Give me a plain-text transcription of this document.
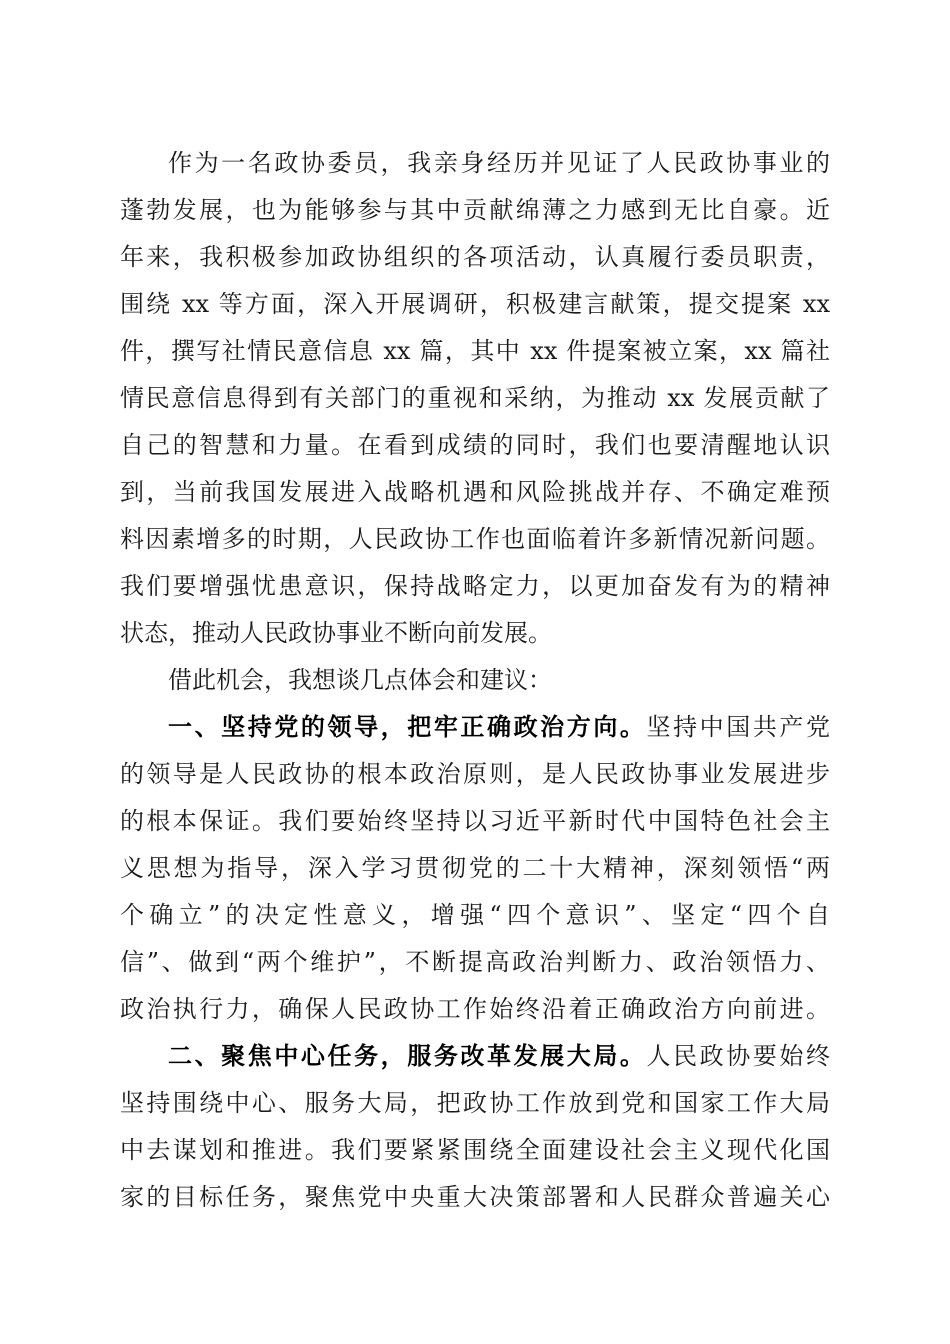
作为一名政协委员，我亲身经历并见证了人民政协事业的
蓬勃发展，也为能够参与其中贡献绵薄之力感到无比自豪。近
年来，我积极参加政协组织的各项活动，认真履行委员职责，
围绕 xx 等方面，深入开展调研，积极建言献策，提交提案 xx
件，撰写社情民意信息 xx 篇，其中 xx 件提案被立案，xx 篇社
情民意信息得到有关部门的重视和采纳，为推动 xx 发展贡献了
自己的智慧和力量。在看到成绩的同时，我们也要清醒地认识
到，当前我国发展进入战略机遇和风险挑战并存、不确定难预
料因素增多的时期，人民政协工作也面临着许多新情况新问题。
我们要增强忧患意识，保持战略定力，以更加奋发有为的精神
状态，推动人民政协事业不断向前发展。
借此机会，我想谈几点体会和建议：
一、坚持党的领导，把牢正确政治方向。坚持中国共产党
的领导是人民政协的根本政治原则，是人民政协事业发展进步
的根本保证。我们要始终坚持以习近平新时代中国特色社会主
义思想为指导，深入学习贯彻党的二十大精神，深刻领悟“两
个确立”的决定性意义，增强“四个意识”、坚定“四个自
信”、做到“两个维护”，不断提高政治判断力、政治领悟力、
政治执行力，确保人民政协工作始终沿着正确政治方向前进。
二、聚焦中心任务，服务改革发展大局。人民政协要始终
坚持围绕中心、服务大局，把政协工作放到党和国家工作大局
中去谋划和推进。我们要紧紧围绕全面建设社会主义现代化国
家的目标任务，聚焦党中央重大决策部署和人民群众普遍关心
